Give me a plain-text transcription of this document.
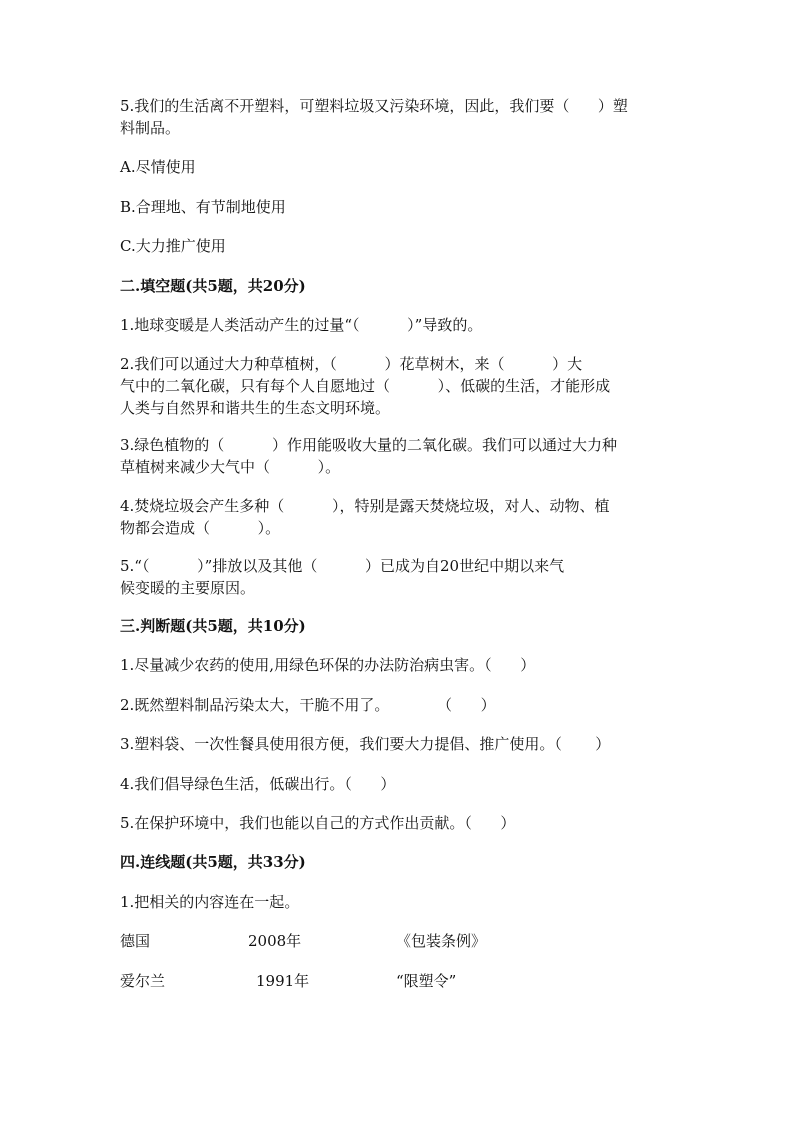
5.我们的生活离不开塑料，可塑料垃圾又污染环境，因此，我们要（      ）塑
料制品。
A.尽情使用
B.合理地、有节制地使用
C.大力推广使用
二.填空题(共5题，共20分)
1.地球变暖是人类活动产生的过量“（          ）”导致的。
2.我们可以通过大力种草植树，（          ）花草树木，来（          ）大
气中的二氧化碳，只有每个人自愿地过（          ）、低碳的生活，才能形成
人类与自然界和谐共生的生态文明环境。
3.绿色植物的（          ）作用能吸收大量的二氧化碳。我们可以通过大力种
草植树来减少大气中（          ）。
4.焚烧垃圾会产生多种（          ），特别是露天焚烧垃圾，对人、动物、植
物都会造成（          ）。
5.“（          ）”排放以及其他（          ）已成为自20世纪中期以来气
候变暖的主要原因。
三.判断题(共5题，共10分)
1.尽量减少农药的使用,用绿色环保的办法防治病虫害。（      ）
2.既然塑料制品污染太大，干脆不用了。          （      ）
3.塑料袋、一次性餐具使用很方便，我们要大力提倡、推广使用。（       ）
4.我们倡导绿色生活，低碳出行。（      ）
5.在保护环境中，我们也能以自己的方式作出贡献。（      ）
四.连线题(共5题，共33分)
1.把相关的内容连在一起。
德国	2008年	《包装条例》
爱尔兰	1991年	“限塑令”
